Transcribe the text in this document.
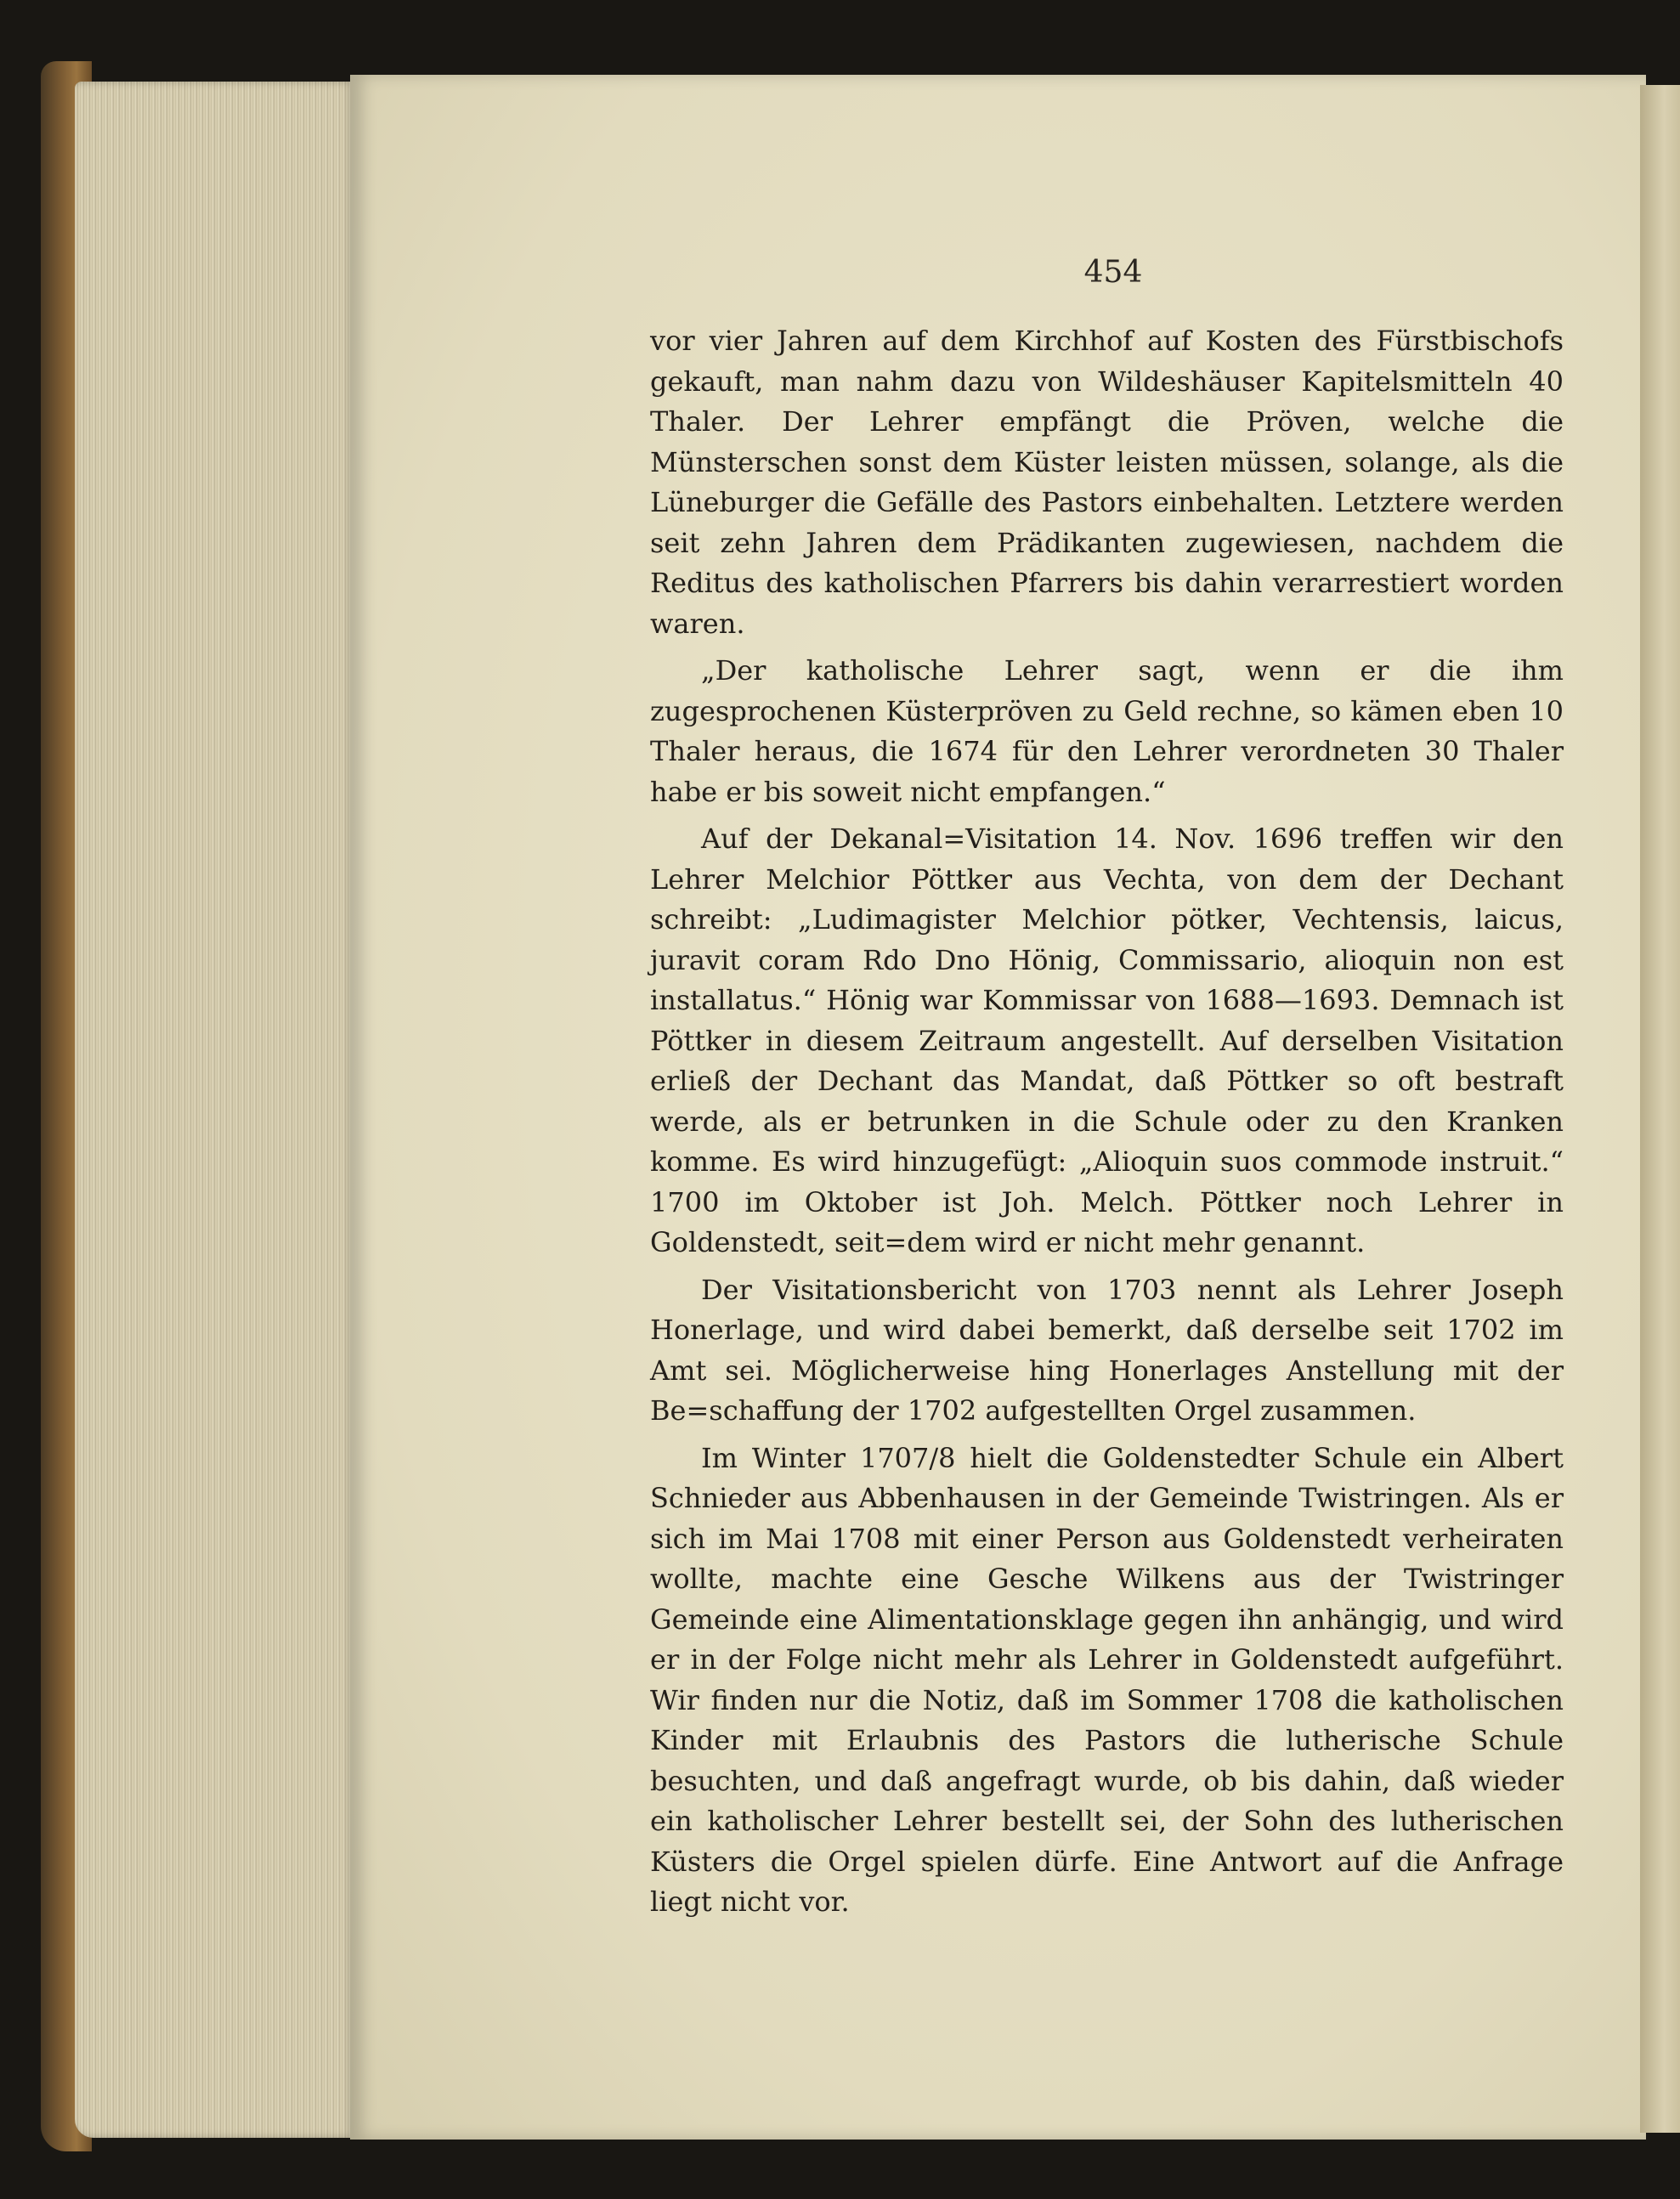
454

vor vier Jahren auf dem Kirchhof auf Kosten des Fürstbischofs gekauft, man nahm dazu von Wildeshäuser Kapitelsmitteln 40 Thaler. Der Lehrer empfängt die Pröven, welche die Münsterschen sonst dem Küster leisten müssen, solange, als die Lüneburger die Gefälle des Pastors einbehalten. Letztere werden seit zehn Jahren dem Prädikanten zugewiesen, nachdem die Reditus des katholischen Pfarrers bis dahin verarrestiert worden waren.

„Der katholische Lehrer sagt, wenn er die ihm zugesprochenen Küsterpröven zu Geld rechne, so kämen eben 10 Thaler heraus, die 1674 für den Lehrer verordneten 30 Thaler habe er bis soweit nicht empfangen.“

Auf der Dekanal=Visitation 14. Nov. 1696 treffen wir den Lehrer Melchior Pöttker aus Vechta, von dem der Dechant schreibt: „Ludimagister Melchior pötker, Vechtensis, laicus, juravit coram Rdo Dno Hönig, Commissario, alioquin non est installatus.“ Hönig war Kommissar von 1688—1693. Demnach ist Pöttker in diesem Zeitraum angestellt. Auf derselben Visitation erließ der Dechant das Mandat, daß Pöttker so oft bestraft werde, als er betrunken in die Schule oder zu den Kranken komme. Es wird hinzugefügt: „Alioquin suos commode instruit.“ 1700 im Oktober ist Joh. Melch. Pöttker noch Lehrer in Goldenstedt, seit=dem wird er nicht mehr genannt.

Der Visitationsbericht von 1703 nennt als Lehrer Joseph Honerlage, und wird dabei bemerkt, daß derselbe seit 1702 im Amt sei. Möglicherweise hing Honerlages Anstellung mit der Be=schaffung der 1702 aufgestellten Orgel zusammen.

Im Winter 1707/8 hielt die Goldenstedter Schule ein Albert Schnieder aus Abbenhausen in der Gemeinde Twistringen. Als er sich im Mai 1708 mit einer Person aus Goldenstedt verheiraten wollte, machte eine Gesche Wilkens aus der Twistringer Gemeinde eine Alimentationsklage gegen ihn anhängig, und wird er in der Folge nicht mehr als Lehrer in Goldenstedt aufgeführt. Wir finden nur die Notiz, daß im Sommer 1708 die katholischen Kinder mit Erlaubnis des Pastors die lutherische Schule besuchten, und daß angefragt wurde, ob bis dahin, daß wieder ein katholischer Lehrer bestellt sei, der Sohn des lutherischen Küsters die Orgel spielen dürfe. Eine Antwort auf die Anfrage liegt nicht vor.
